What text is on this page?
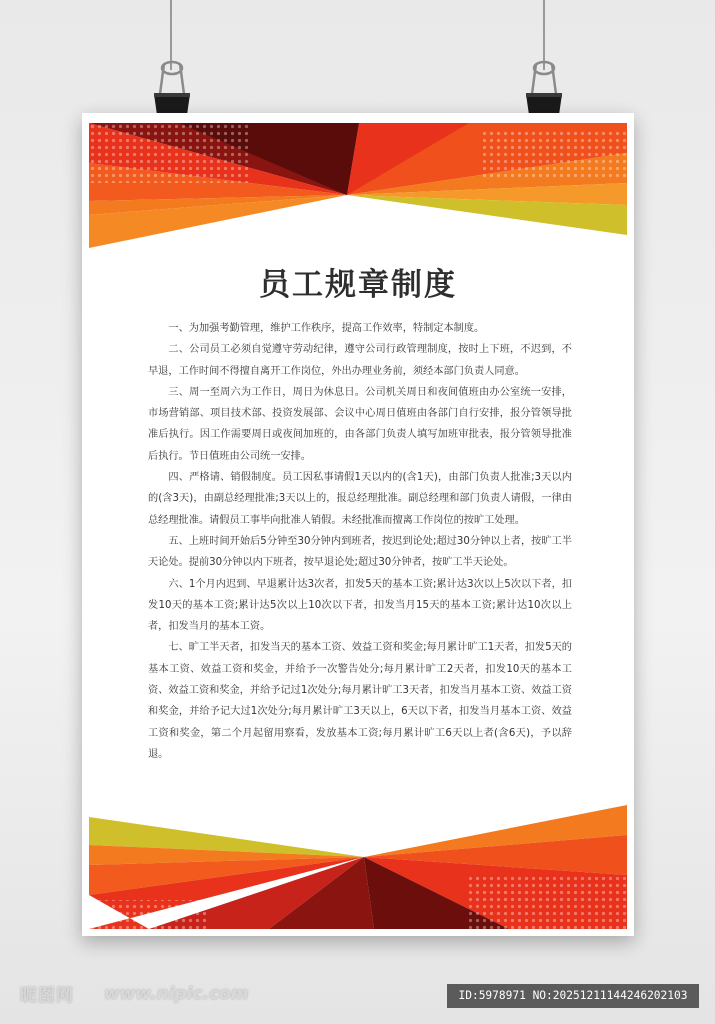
员工规章制度

一、为加强考勤管理，维护工作秩序，提高工作效率，特制定本制度。

二、公司员工必须自觉遵守劳动纪律，遵守公司行政管理制度，按时上下班，不迟到，不早退，工作时间不得擅自离开工作岗位，外出办理业务前，须经本部门负责人同意。

三、周一至周六为工作日，周日为休息日。公司机关周日和夜间值班由办公室统一安排，市场营销部、项目技术部、投资发展部、会议中心周日值班由各部门自行安排，报分管领导批准后执行。因工作需要周日或夜间加班的，由各部门负责人填写加班审批表，报分管领导批准后执行。节日值班由公司统一安排。

四、严格请、销假制度。员工因私事请假1天以内的(含1天)，由部门负责人批准;3天以内的(含3天)，由副总经理批准;3天以上的，报总经理批准。副总经理和部门负责人请假，一律由总经理批准。请假员工事毕向批准人销假。未经批准而擅离工作岗位的按旷工处理。

五、上班时间开始后5分钟至30分钟内到班者，按迟到论处;超过30分钟以上者，按旷工半天论处。提前30分钟以内下班者，按早退论处;超过30分钟者，按旷工半天论处。

六、1个月内迟到、早退累计达3次者，扣发5天的基本工资;累计达3次以上5次以下者，扣发10天的基本工资;累计达5次以上10次以下者，扣发当月15天的基本工资;累计达10次以上者，扣发当月的基本工资。

七、旷工半天者，扣发当天的基本工资、效益工资和奖金;每月累计旷工1天者，扣发5天的基本工资、效益工资和奖金，并给予一次警告处分;每月累计旷工2天者，扣发10天的基本工资、效益工资和奖金，并给予记过1次处分;每月累计旷工3天者，扣发当月基本工资、效益工资和奖金，并给予记大过1次处分;每月累计旷工3天以上，6天以下者，扣发当月基本工资、效益工资和奖金，第二个月起留用察看，发放基本工资;每月累计旷工6天以上者(含6天)，予以辞退。

昵图网 www.nipic.com	ID:5978971 NO:20251211144246202103
